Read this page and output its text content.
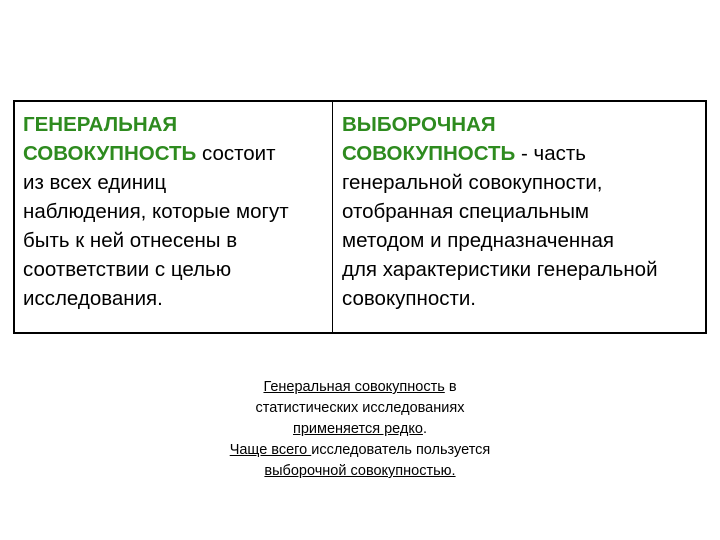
ГЕНЕРАЛЬНАЯ
СОВОКУПНОСТЬ состоит
из всех единиц
наблюдения, которые могут
быть к ней отнесены в
соответствии с целью
исследования.
ВЫБОРОЧНАЯ
СОВОКУПНОСТЬ - часть
генеральной совокупности,
отобранная специальным
методом и предназначенная
для характеристики генеральной
совокупности.
Генеральная совокупность в
статистических исследованиях
применяется редко.
Чаще всего исследователь пользуется
выборочной совокупностью.
